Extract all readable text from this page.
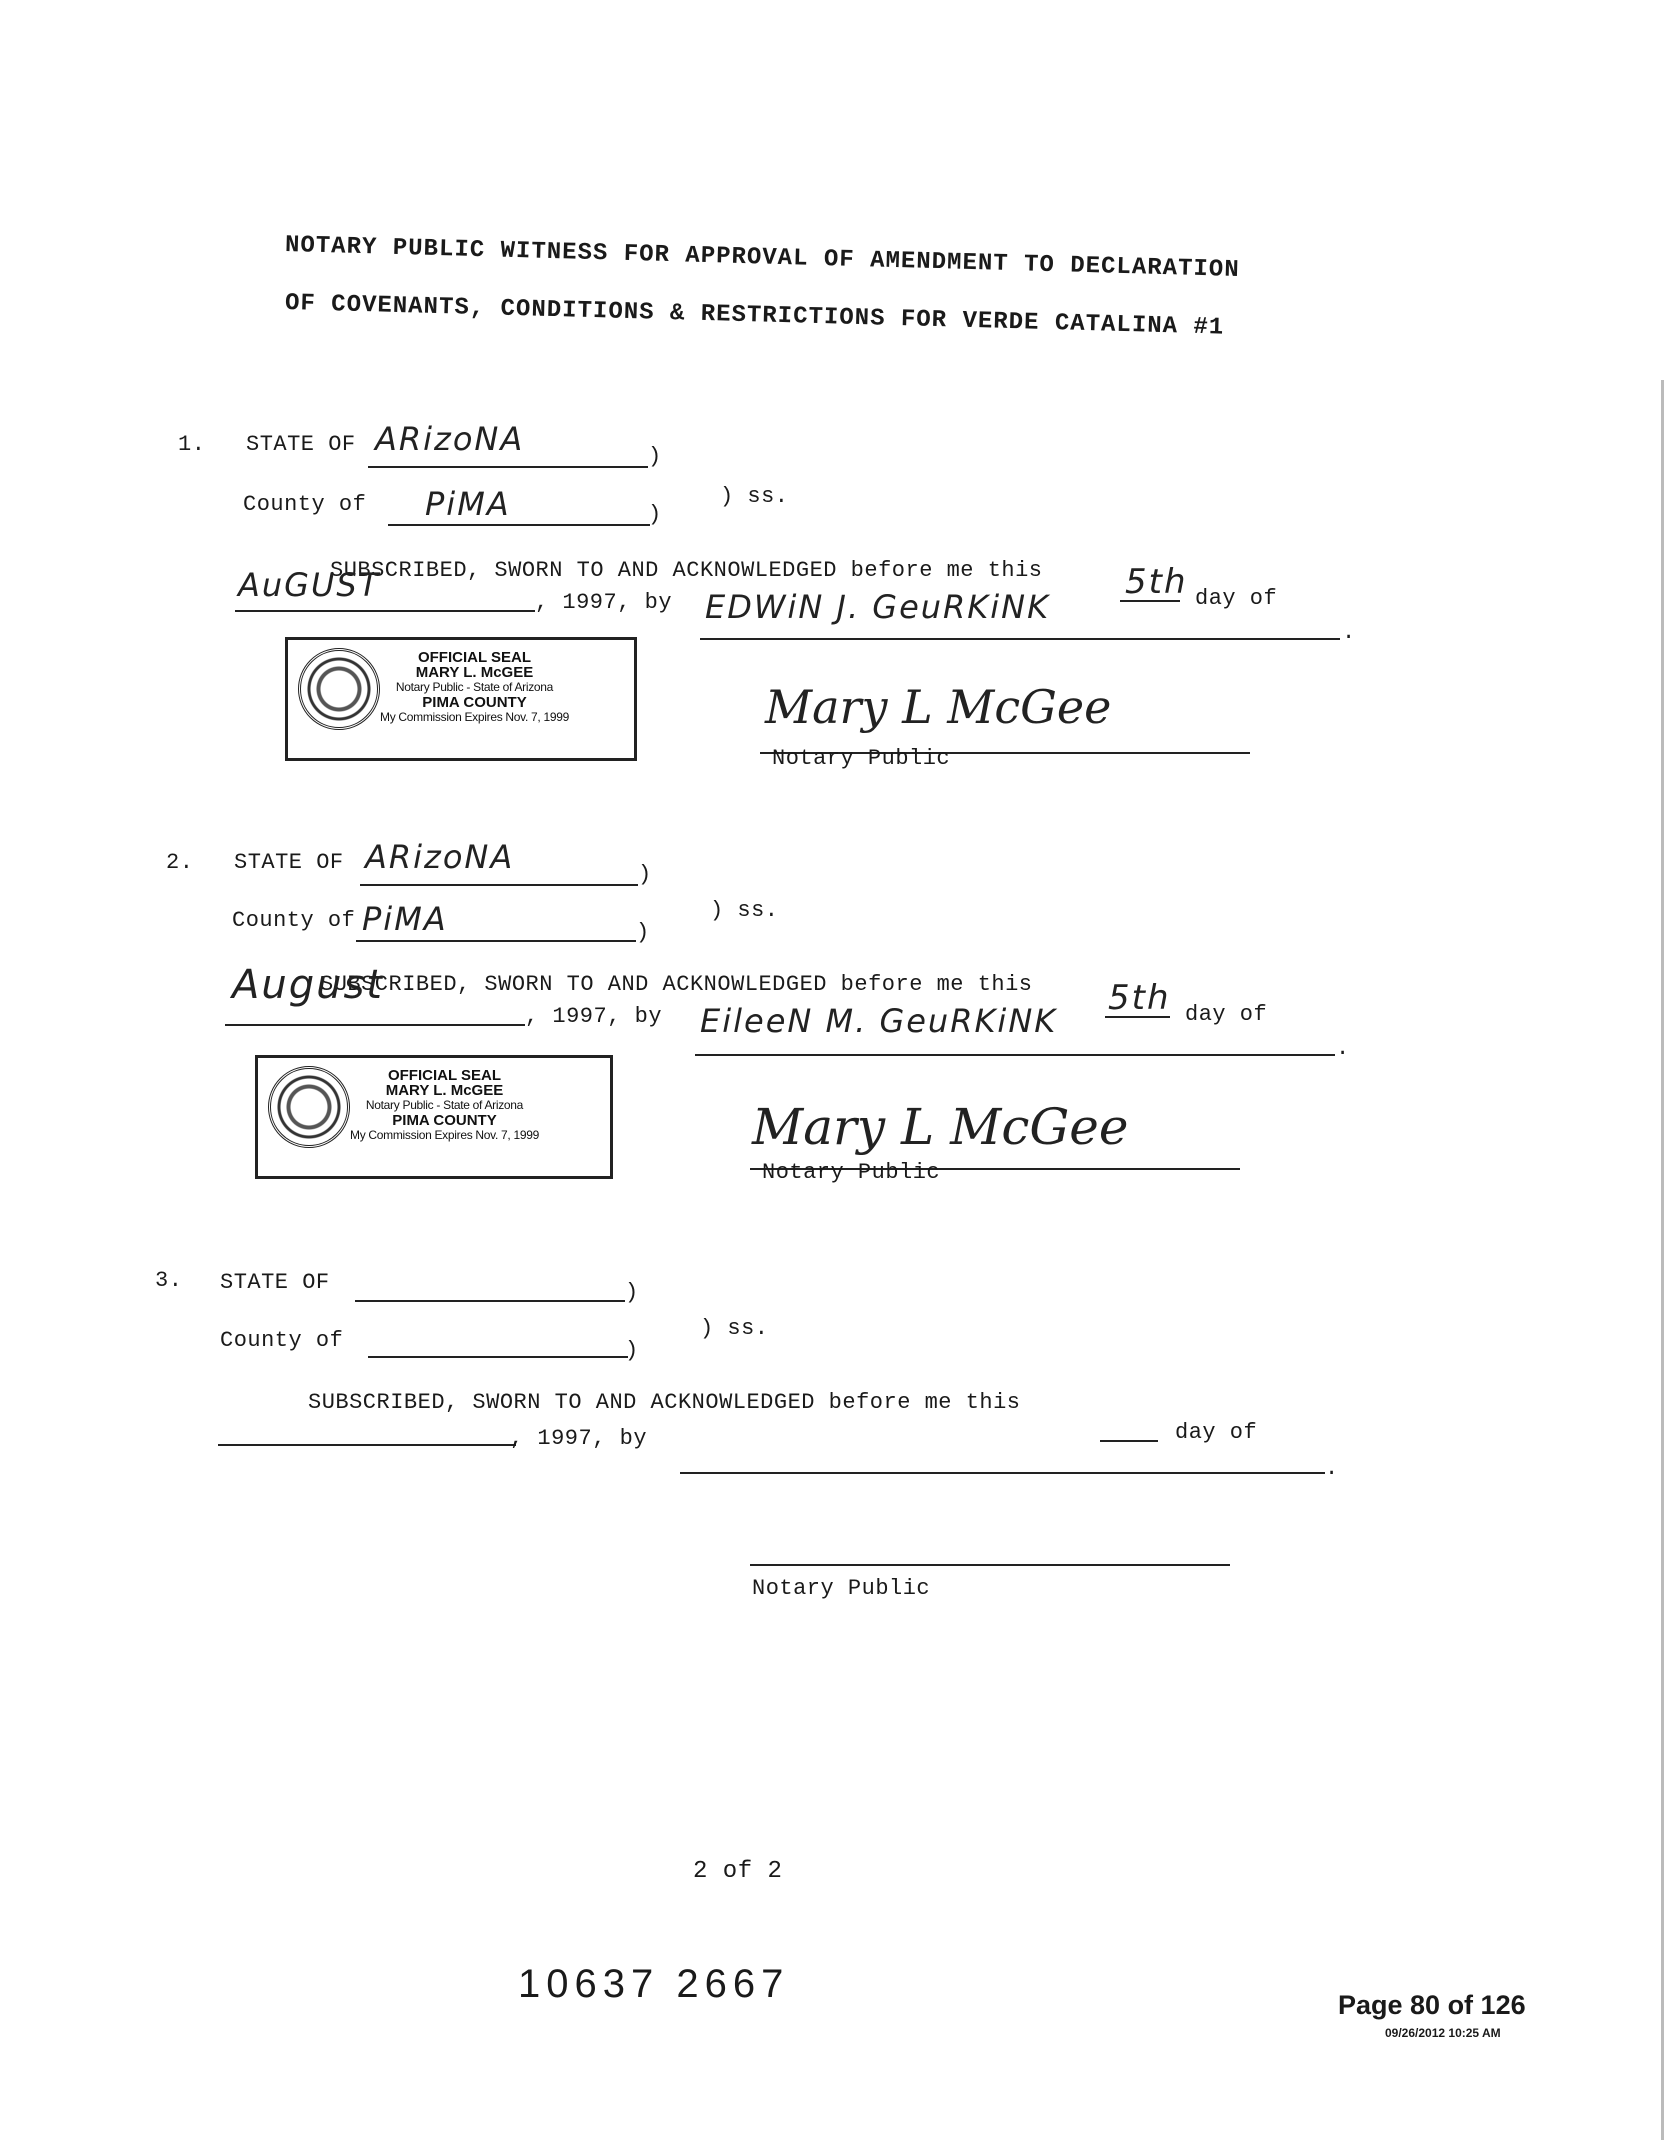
NOTARY PUBLIC WITNESS FOR APPROVAL OF AMENDMENT TO DECLARATION
OF COVENANTS, CONDITIONS & RESTRICTIONS FOR VERDE CATALINA #1
1. STATE OF ARizoNA	)
) ss.
County of PiMA	)
SUBSCRIBED, SWORN TO AND ACKNOWLEDGED before me this 5th day of
AuGUST	, 1997, by EDWiN J. GeuRKiNK
.
OFFICIAL SEAL
MARY L. McGEE
Notary Public - State of Arizona
PIMA COUNTY
My Commission Expires Nov. 7, 1999	Mary L McGee
Notary Public
2. STATE OF ARizoNA	)
) ss.
County of PiMA	)
SUBSCRIBED, SWORN TO AND ACKNOWLEDGED before me this 5th day of
August
, 1997, by EileeN M. GeuRKiNK
.
OFFICIAL SEAL
MARY L. McGEE
Notary Public - State of Arizona
PIMA COUNTY
My Commission Expires Nov. 7, 1999	Mary L McGee
Notary Public
3. STATE OF	)
) ss.
County of	)
SUBSCRIBED, SWORN TO AND ACKNOWLEDGED before me this
day of
, 1997, by
.
Notary Public
2 of 2
10637 2667	Page 80 of 126
09/26/2012 10:25 AM
